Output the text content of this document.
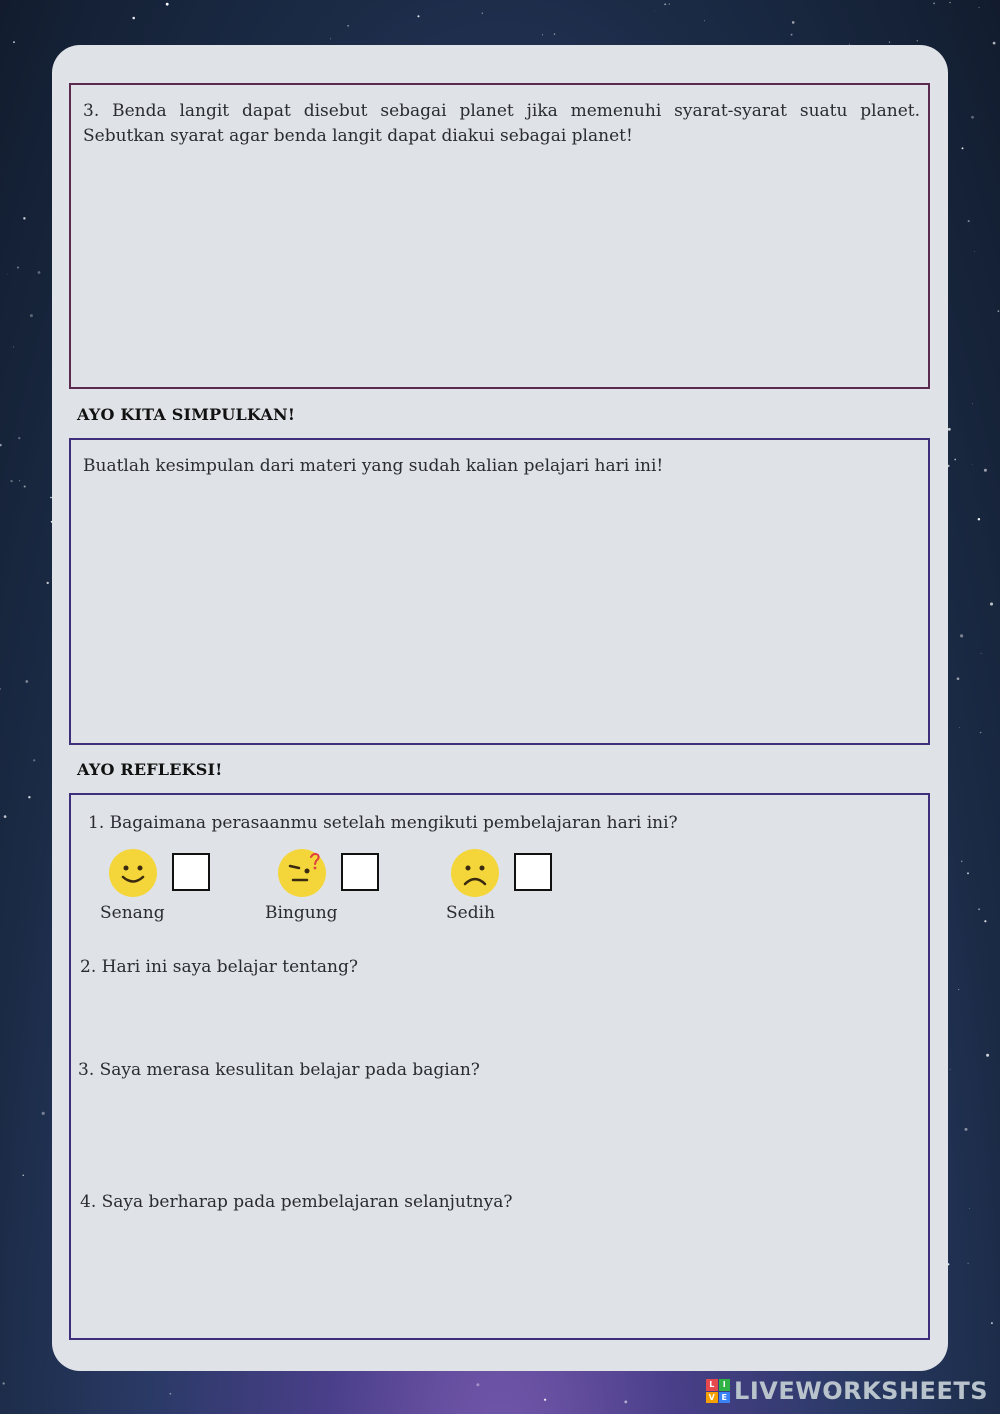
3. Benda langit dapat disebut sebagai planet jika memenuhi syarat-syarat suatu planet. Sebutkan syarat agar benda langit dapat diakui sebagai planet!
AYO KITA SIMPULKAN!
Buatlah kesimpulan dari materi yang sudah kalian pelajari hari ini!
AYO REFLEKSI!
1. Bagaimana perasaanmu setelah mengikuti pembelajaran hari ini?
Senang	Bingung	Sedih
2. Hari ini saya belajar tentang?
3. Saya merasa kesulitan belajar pada bagian?
4. Saya berharap pada pembelajaran selanjutnya?
L	I
V E LIVEWORKSHEETS
